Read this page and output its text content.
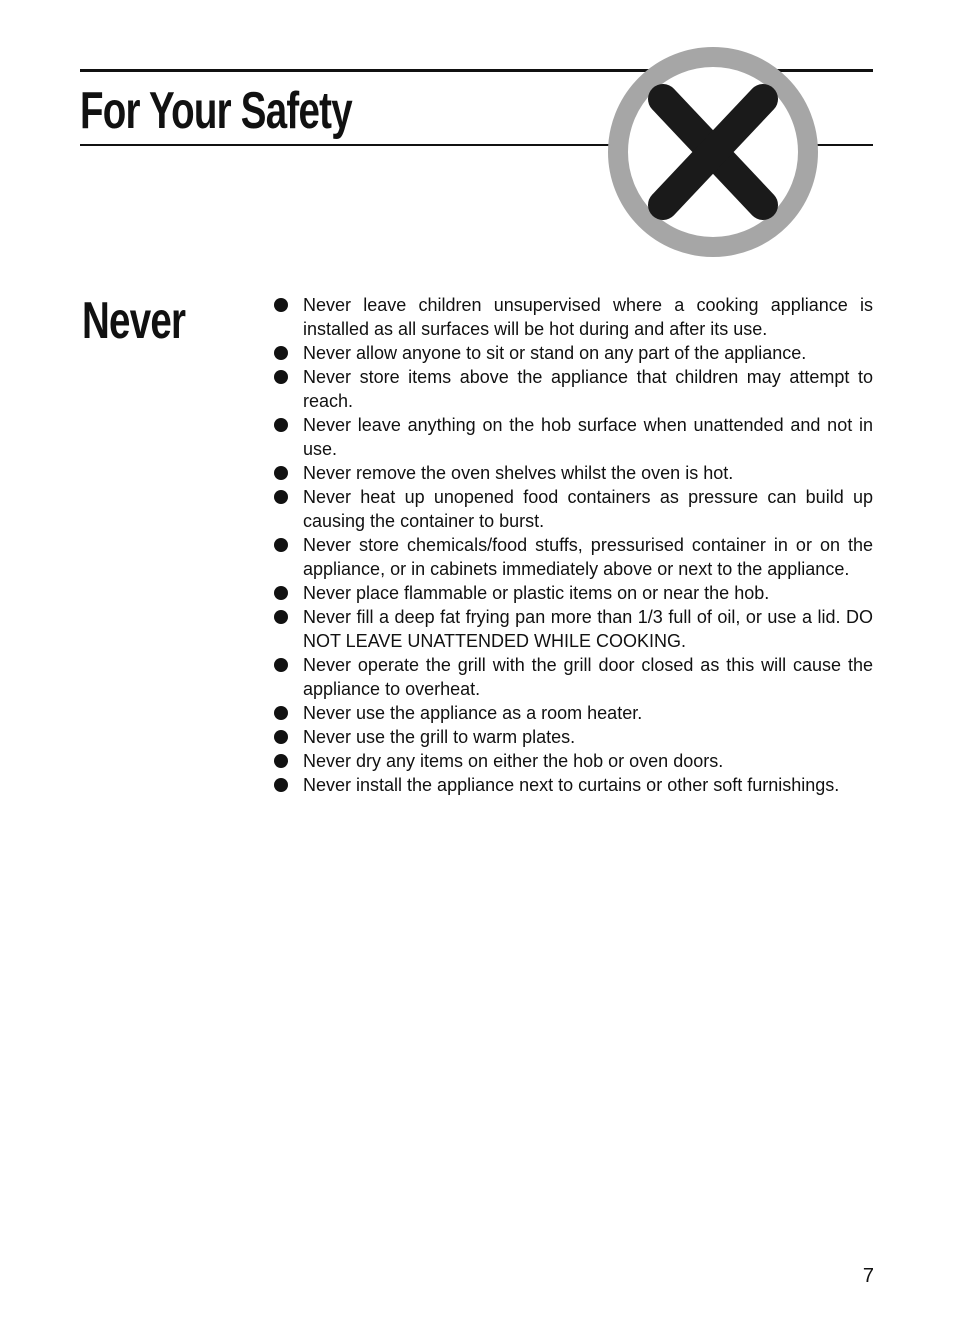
For Your Safety
Never	Never leave children unsupervised where a cooking appliance is installed as all surfaces will be hot during and after its use.
Never allow anyone to sit or stand on any part of the appliance.
Never store items above the appliance that children may attempt to reach.
Never leave anything on the hob surface when unattended and not in use.
Never remove the oven shelves whilst the oven is hot.
Never heat up unopened food containers as pressure can build up causing the container to burst.
Never store chemicals/food stuffs, pressurised container in or on the appliance, or in cabinets immediately above or next to the appliance.
Never place flammable or plastic items on or near the hob.
Never fill a deep fat frying pan more than 1/3 full of oil, or use a lid. DO NOT LEAVE UNATTENDED WHILE COOKING.
Never operate the grill with the grill door closed as this will cause the appliance to overheat.
Never use the appliance as a room heater.
Never use the grill to warm plates.
Never dry any items on either the hob or oven doors.
Never install the appliance next to curtains or other soft furnishings.
7
